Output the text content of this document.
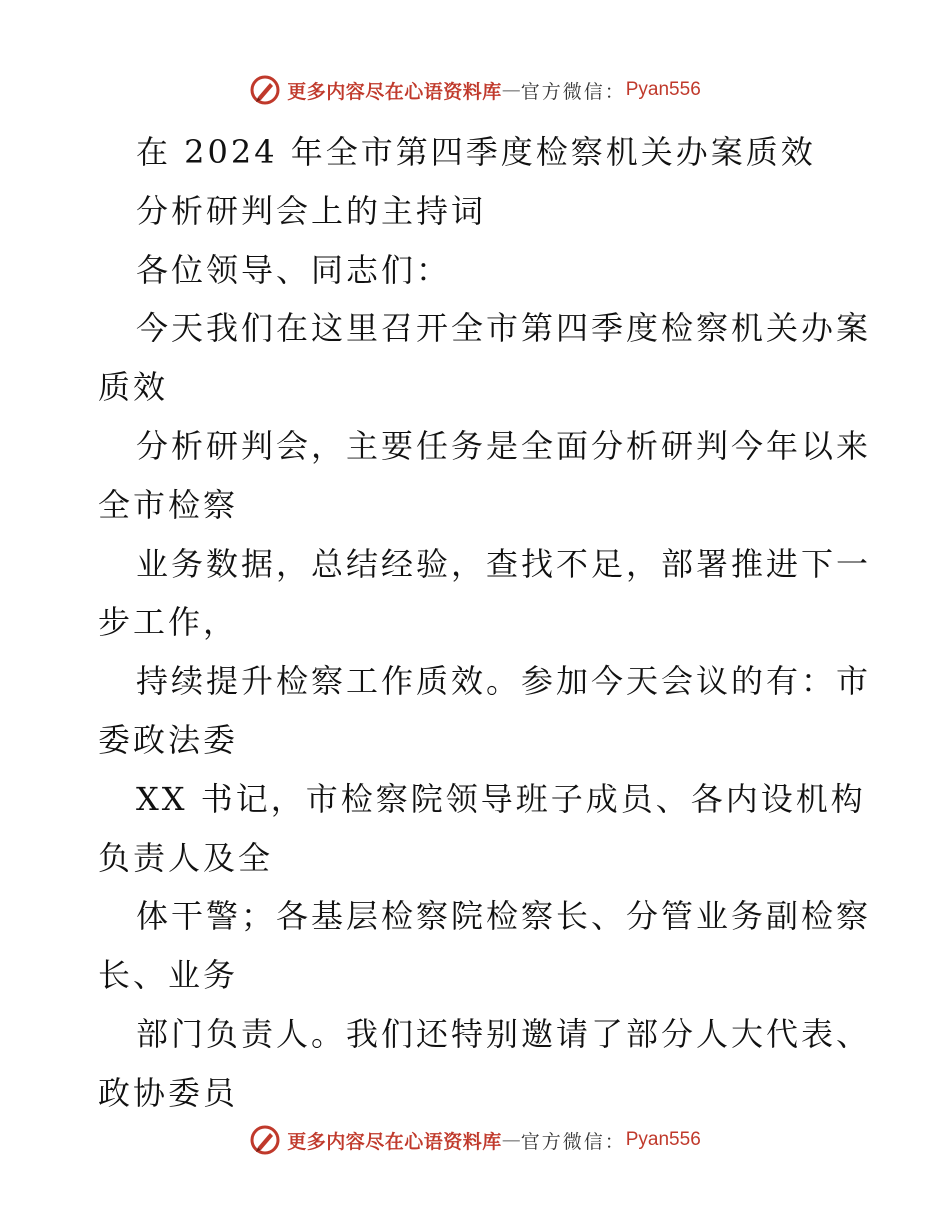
更多内容尽在心语资料库 — 官方微信： Pyan556
在 2024 年全市第四季度检察机关办案质效
分析研判会上的主持词
各位领导、同志们：
今天我们在这里召开全市第四季度检察机关办案
质效
分析研判会，主要任务是全面分析研判今年以来
全市检察
业务数据，总结经验，查找不足，部署推进下一
步工作，
持续提升检察工作质效。参加今天会议的有：市
委政法委
XX 书记，市检察院领导班子成员、各内设机构
负责人及全
体干警；各基层检察院检察长、分管业务副检察
长、业务
部门负责人。我们还特别邀请了部分人大代表、
政协委员
更多内容尽在心语资料库 — 官方微信： Pyan556
